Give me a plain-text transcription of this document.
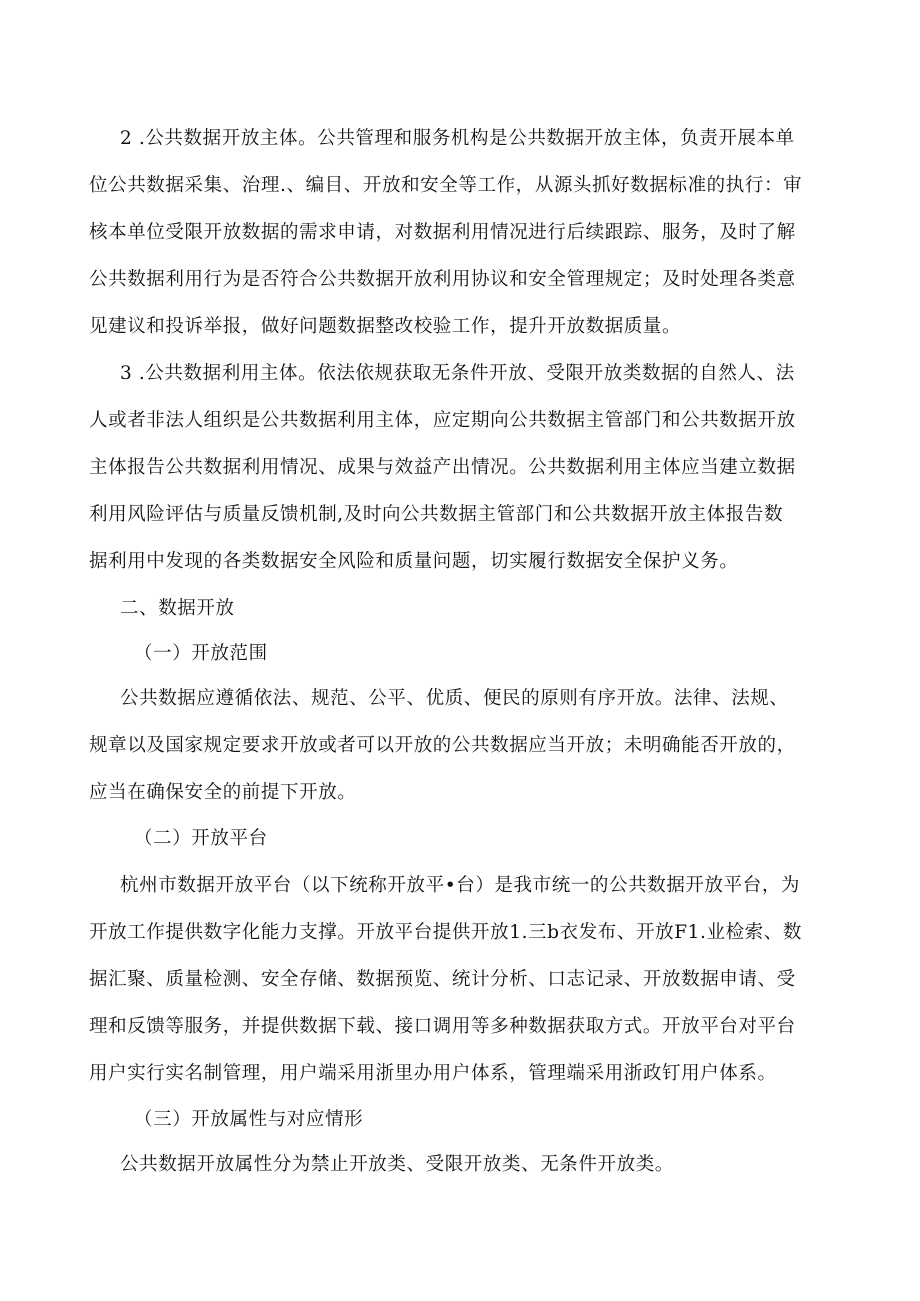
2 .公共数据开放主体。公共管理和服务机构是公共数据开放主体，负责开展本单
位公共数据采集、治理.、编目、开放和安全等工作，从源头抓好数据标准的执行：审
核本单位受限开放数据的需求申请，对数据利用情况进行后续跟踪、服务，及时了解
公共数据利用行为是否符合公共数据开放利用协议和安全管理规定；及时处理各类意
见建议和投诉举报，做好问题数据整改校验工作，提升开放数据质量。
3 .公共数据利用主体。依法依规获取无条件开放、受限开放类数据的自然人、法
人或者非法人组织是公共数据利用主体，应定期向公共数据主管部门和公共数据开放
主体报告公共数据利用情况、成果与效益产出情况。公共数据利用主体应当建立数据
利用风险评估与质量反馈机制,及时向公共数据主管部门和公共数据开放主体报告数
据利用中发现的各类数据安全风险和质量问题，切实履行数据安全保护义务。
二、数据开放
（一）开放范围
公共数据应遵循依法、规范、公平、优质、便民的原则有序开放。法律、法规、
规章以及国家规定要求开放或者可以开放的公共数据应当开放；未明确能否开放的，
应当在确保安全的前提下开放。
（二）开放平台
杭州市数据开放平台（以下统称开放平•台）是我市统一的公共数据开放平台，为
开放工作提供数字化能力支撑。开放平台提供开放1.三b衣发布、开放F1.业检索、数
据汇聚、质量检测、安全存储、数据预览、统计分析、口志记录、开放数据申请、受
理和反馈等服务，并提供数据下载、接口调用等多种数据获取方式。开放平台对平台
用户实行实名制管理，用户端采用浙里办用户体系，管理端采用浙政钉用户体系。
（三）开放属性与对应情形
公共数据开放属性分为禁止开放类、受限开放类、无条件开放类。
